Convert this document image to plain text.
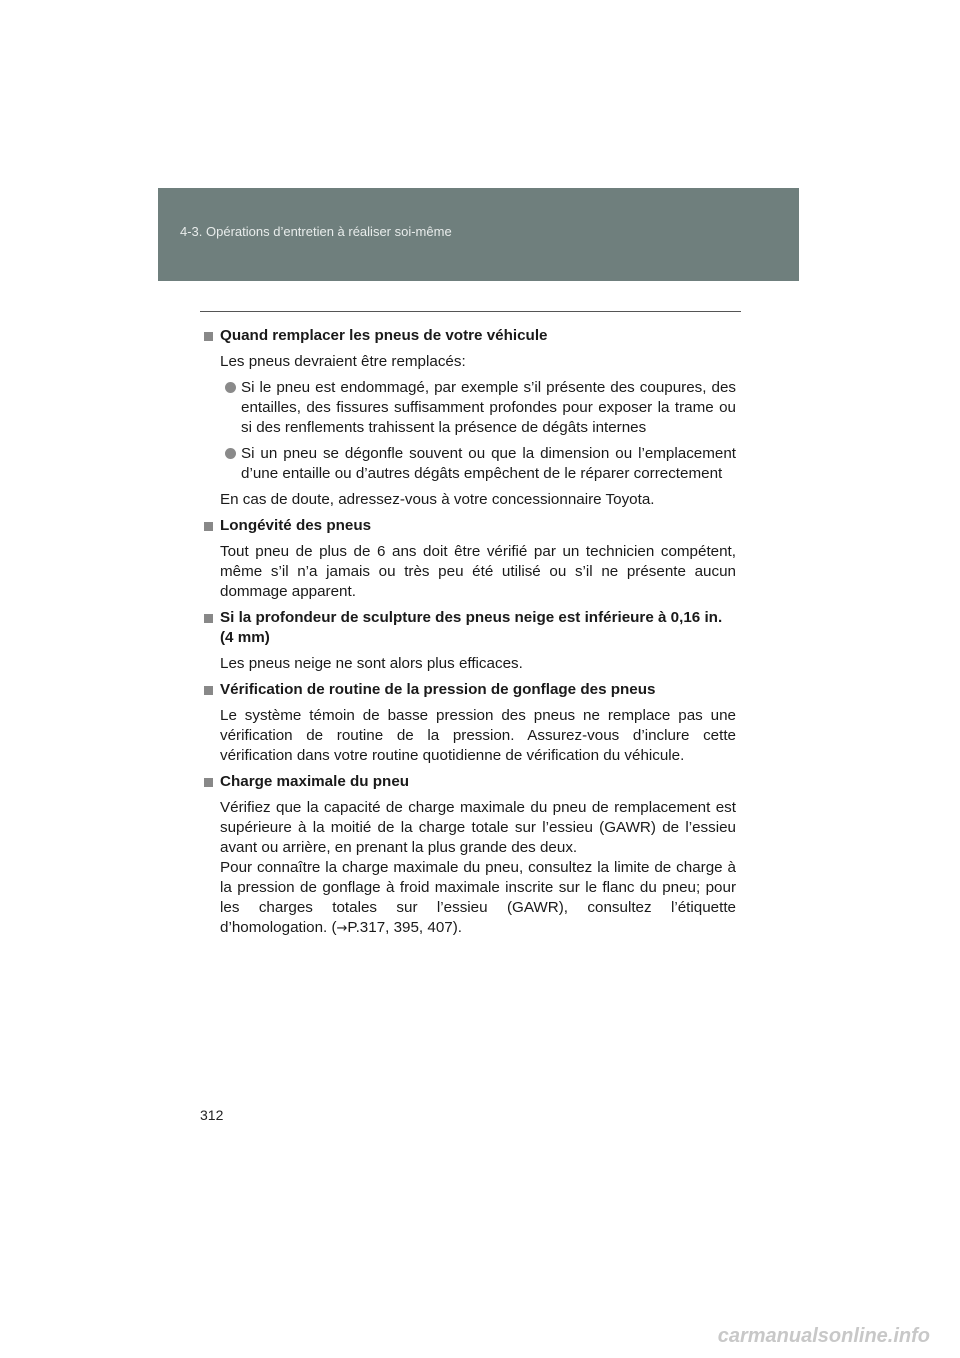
4-3. Opérations d’entretien à réaliser soi-même
Quand remplacer les pneus de votre véhicule
Les pneus devraient être remplacés:
Si le pneu est endommagé, par exemple s’il présente des coupures, des entailles, des fissures suffisamment profondes pour exposer la trame ou si des renflements trahissent la présence de dégâts internes
Si un pneu se dégonfle souvent ou que la dimension ou l’emplacement d’une entaille ou d’autres dégâts empêchent de le réparer correctement
En cas de doute, adressez-vous à votre concessionnaire Toyota.
Longévité des pneus
Tout pneu de plus de 6 ans doit être vérifié par un technicien compétent, même s’il n’a jamais ou très peu été utilisé ou s’il ne présente aucun dommage apparent.
Si la profondeur de sculpture des pneus neige est inférieure à 0,16 in. (4 mm)
Les pneus neige ne sont alors plus efficaces.
Vérification de routine de la pression de gonflage des pneus
Le système témoin de basse pression des pneus ne remplace pas une vérification de routine de la pression. Assurez-vous d’inclure cette vérification dans votre routine quotidienne de vérification du véhicule.
Charge maximale du pneu
Vérifiez que la capacité de charge maximale du pneu de remplacement est supérieure à la moitié de la charge totale sur l’essieu (GAWR) de l’essieu avant ou arrière, en prenant la plus grande des deux.
Pour connaître la charge maximale du pneu, consultez la limite de charge à la pression de gonflage à froid maximale inscrite sur le flanc du pneu; pour les charges totales sur l’essieu (GAWR), consultez l’étiquette d’homologation. (→P.317, 395, 407).
312
carmanualsonline.info
